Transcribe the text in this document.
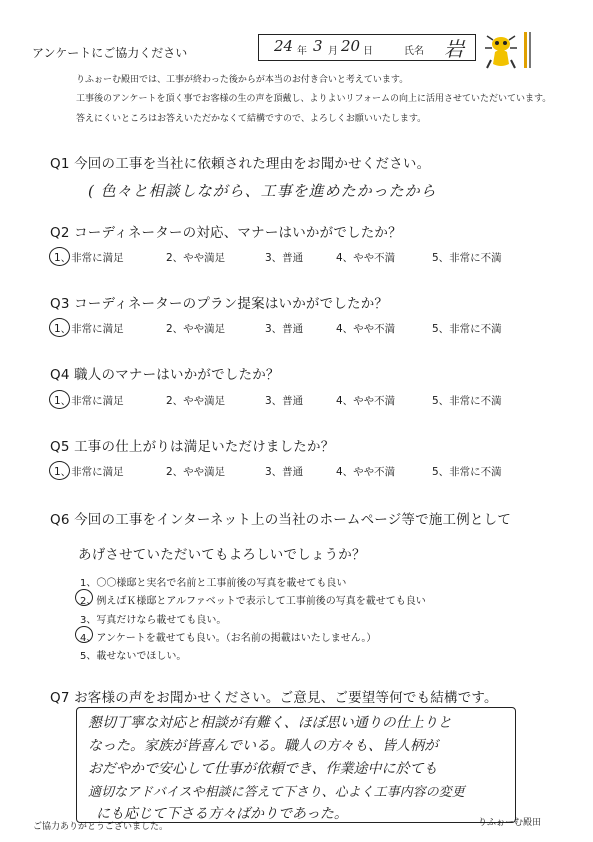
アンケートにご協力ください	24 年 3 月 20 日	氏名 岩
りふぉーむ殿田では、工事が終わった後からが本当のお付き合いと考えています。
工事後のアンケートを頂く事でお客様の生の声を頂戴し、よりよいリフォームの向上に活用させていただいています。
答えにくいところはお答えいただかなくて結構ですので、よろしくお願いいたします。
Q1 今回の工事を当社に依頼された理由をお聞かせください。
( 色々と相談しながら、工事を進めたかったから
Q2 コーディネーターの対応、マナーはいかがでしたか？
1、非常に満足	2、やや満足	3、普通	4、やや不満	5、非常に不満
Q3 コーディネーターのプラン提案はいかがでしたか？
1、非常に満足	2、やや満足	3、普通	4、やや不満	5、非常に不満
Q4 職人のマナーはいかがでしたか？
1、非常に満足	2、やや満足	3、普通	4、やや不満	5、非常に不満
Q5 工事の仕上がりは満足いただけましたか？
1、非常に満足	2、やや満足	3、普通	4、やや不満	5、非常に不満
Q6 今回の工事をインターネット上の当社のホームページ等で施工例として
あげさせていただいてもよろしいでしょうか？
1、〇〇様邸と実名で名前と工事前後の写真を載せても良い
2、例えばＫ様邸とアルファベットで表示して工事前後の写真を載せても良い
3、写真だけなら載せても良い。
4、アンケートを載せても良い。（お名前の掲載はいたしません。）
5、載せないでほしい。
Q7 お客様の声をお聞かせください。ご意見、ご要望等何でも結構です。
懇切丁寧な対応と相談が有難く、ほぼ思い通りの仕上りと
なった。家族が皆喜んでいる。職人の方々も、皆人柄が
おだやかで安心して仕事が依頼でき、作業途中に於ても
適切なアドバイスや相談に答えて下さり、心よく工事内容の変更
にも応じて下さる方々ばかりであった。
ご協力ありがとうございました。	りふぉーむ殿田
